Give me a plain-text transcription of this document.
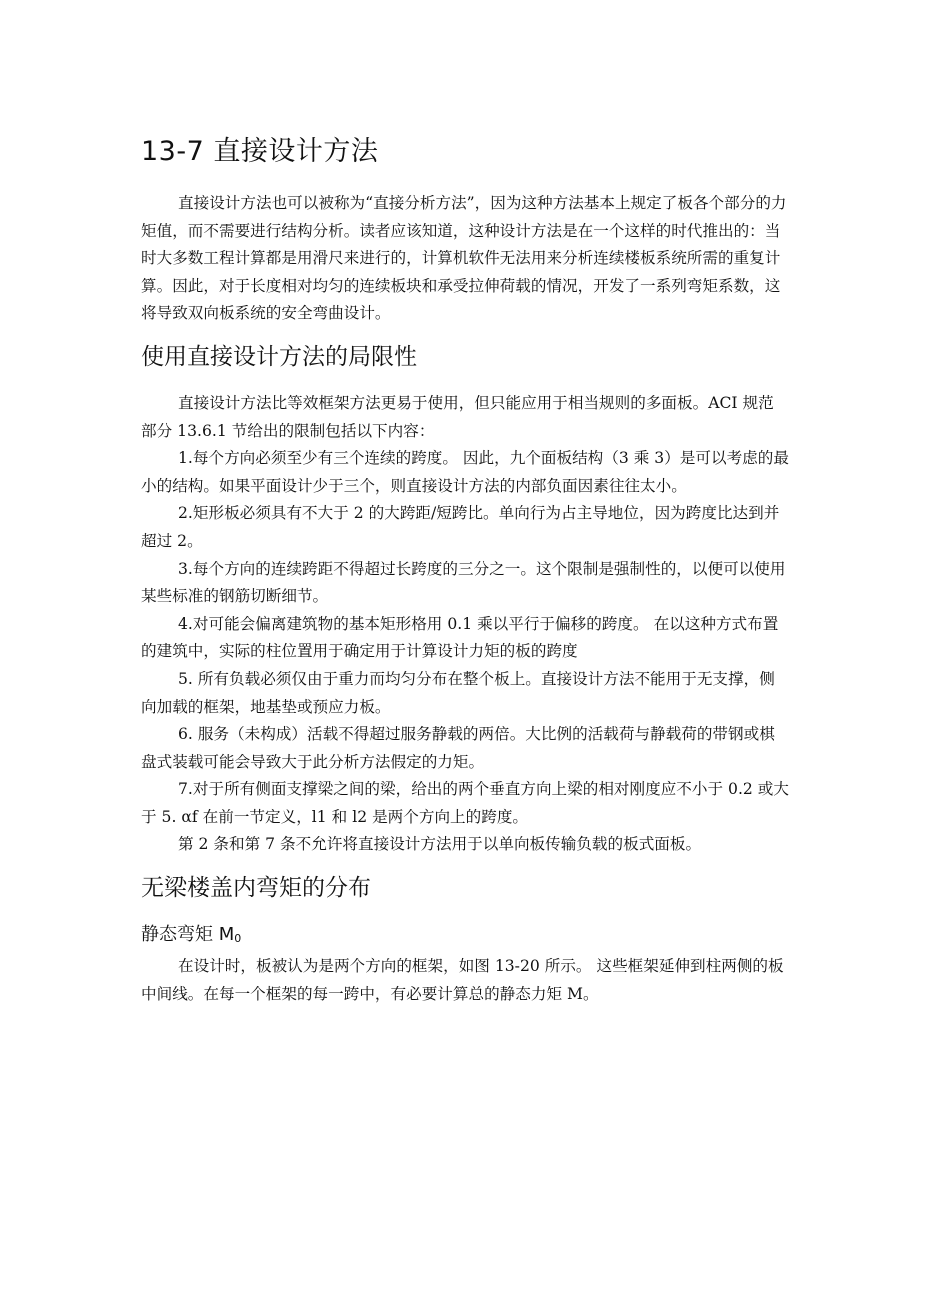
13-7 直接设计方法

直接设计方法也可以被称为“直接分析方法”，因为这种方法基本上规定了板各个部分的力矩值，而不需要进行结构分析。读者应该知道，这种设计方法是在一个这样的时代推出的：当时大多数工程计算都是用滑尺来进行的，计算机软件无法用来分析连续楼板系统所需的重复计算。因此，对于长度相对均匀的连续板块和承受拉伸荷载的情况，开发了一系列弯矩系数，这将导致双向板系统的安全弯曲设计。

使用直接设计方法的局限性

直接设计方法比等效框架方法更易于使用，但只能应用于相当规则的多面板。ACI 规范部分 13.6.1 节给出的限制包括以下内容：

1.每个方向必须至少有三个连续的跨度。 因此，九个面板结构（3 乘 3）是可以考虑的最小的结构。如果平面设计少于三个，则直接设计方法的内部负面因素往往太小。

2.矩形板必须具有不大于 2 的大跨距/短跨比。单向行为占主导地位，因为跨度比达到并超过 2。

3.每个方向的连续跨距不得超过长跨度的三分之一。这个限制是强制性的，以便可以使用某些标准的钢筋切断细节。

4.对可能会偏离建筑物的基本矩形格用 0.1 乘以平行于偏移的跨度。 在以这种方式布置的建筑中，实际的柱位置用于确定用于计算设计力矩的板的跨度

5. 所有负载必须仅由于重力而均匀分布在整个板上。直接设计方法不能用于无支撑，侧向加载的框架，地基垫或预应力板。

6. 服务（未构成）活载不得超过服务静载的两倍。大比例的活载荷与静载荷的带钢或棋盘式装载可能会导致大于此分析方法假定的力矩。

7.对于所有侧面支撑梁之间的梁，给出的两个垂直方向上梁的相对刚度应不小于 0.2 或大于 5. αf 在前一节定义，l1 和 l2 是两个方向上的跨度。

第 2 条和第 7 条不允许将直接设计方法用于以单向板传输负载的板式面板。

无梁楼盖内弯矩的分布
静态弯矩 $M_0$

在设计时，板被认为是两个方向的框架，如图 13-20 所示。 这些框架延伸到柱两侧的板中间线。在每一个框架的每一跨中，有必要计算总的静态力矩 M。
